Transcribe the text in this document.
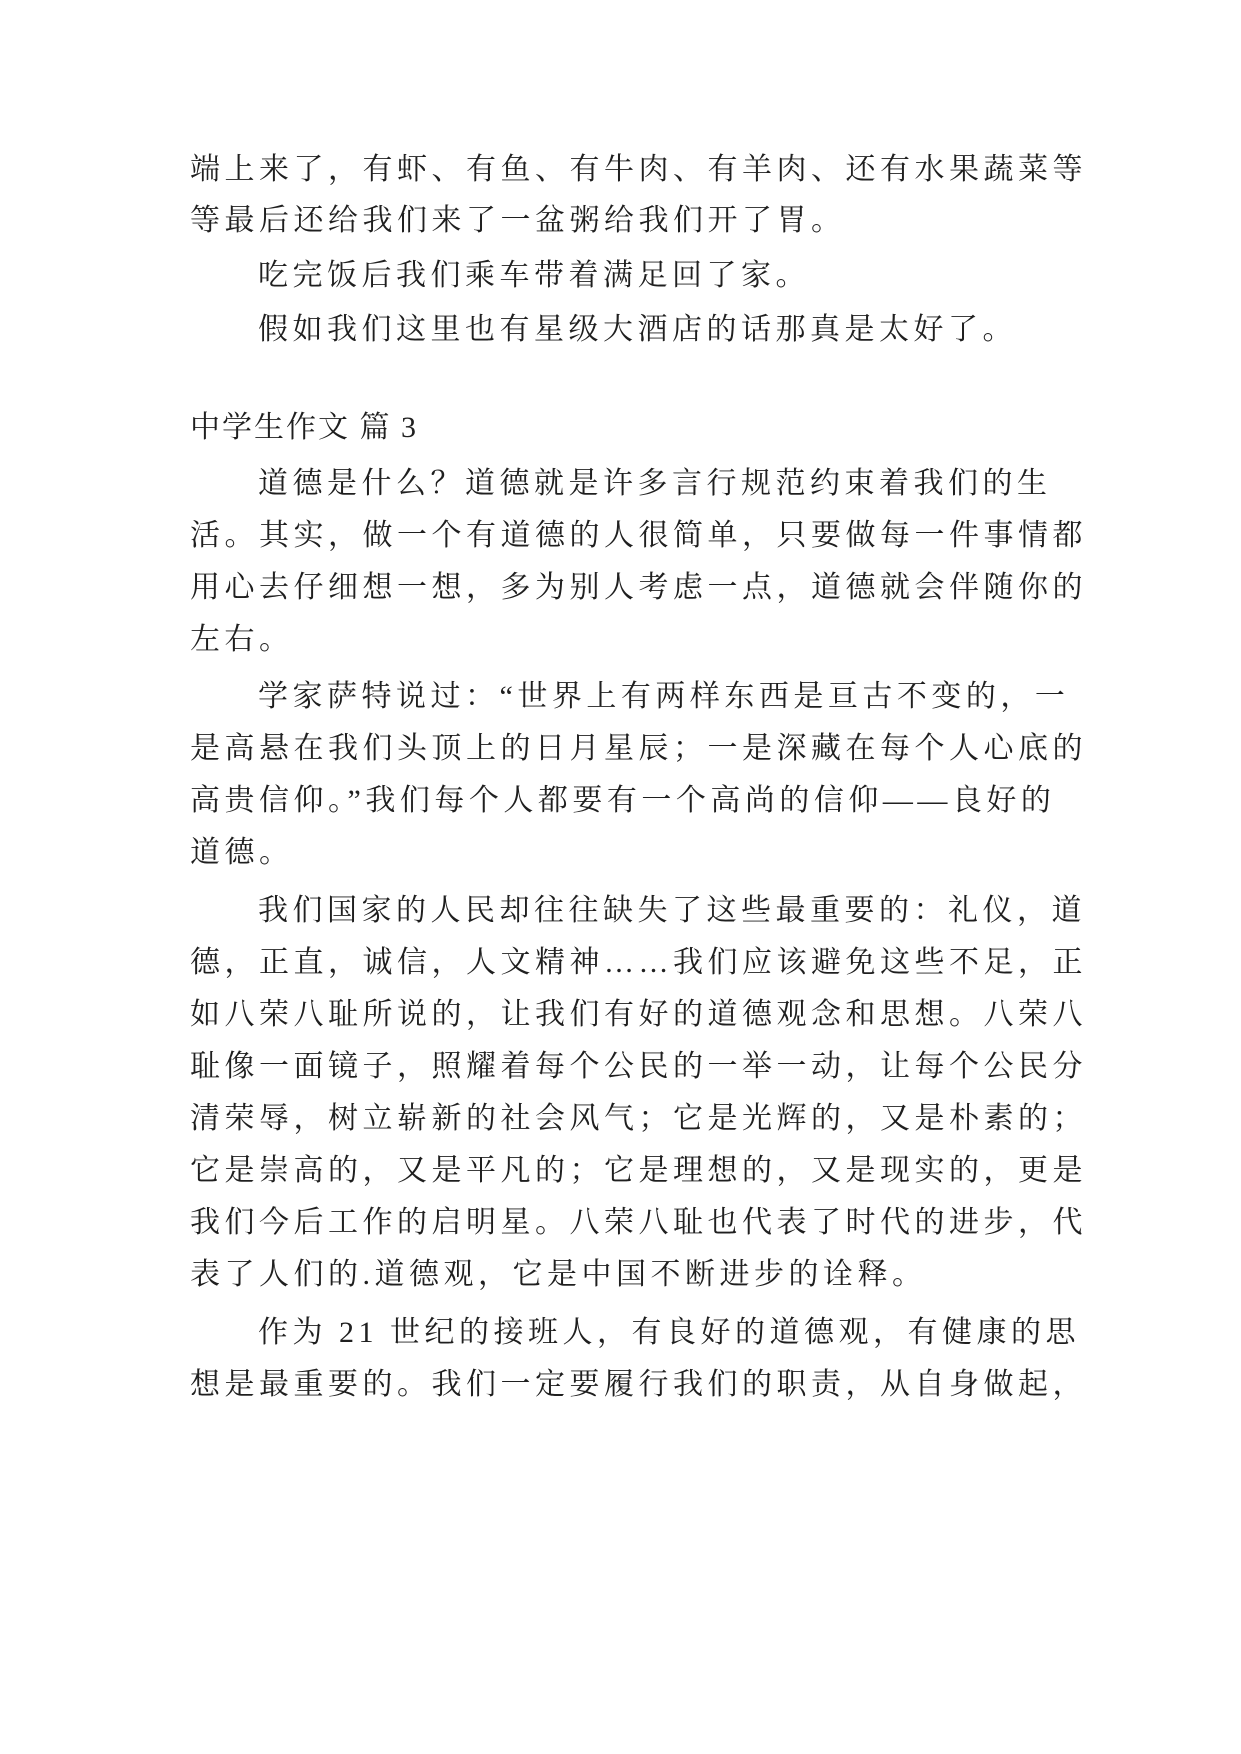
端上来了，有虾、有鱼、有牛肉、有羊肉、还有水果蔬菜等
等最后还给我们来了一盆粥给我们开了胃。
吃完饭后我们乘车带着满足回了家。
假如我们这里也有星级大酒店的话那真是太好了。
中学生作文 篇 3
道德是什么？道德就是许多言行规范约束着我们的生
活。其实，做一个有道德的人很简单，只要做每一件事情都
用心去仔细想一想，多为别人考虑一点，道德就会伴随你的
左右。
学家萨特说过：“世界上有两样东西是亘古不变的，一
是高悬在我们头顶上的日月星辰；一是深藏在每个人心底的
高贵信仰。”我们每个人都要有一个高尚的信仰——良好的
道德。
我们国家的人民却往往缺失了这些最重要的：礼仪，道
德，正直，诚信，人文精神……我们应该避免这些不足，正
如八荣八耻所说的，让我们有好的道德观念和思想。八荣八
耻像一面镜子，照耀着每个公民的一举一动，让每个公民分
清荣辱，树立崭新的社会风气；它是光辉的，又是朴素的；
它是崇高的，又是平凡的；它是理想的，又是现实的，更是
我们今后工作的启明星。八荣八耻也代表了时代的进步，代
表了人们的.道德观，它是中国不断进步的诠释。
作为 21 世纪的接班人，有良好的道德观，有健康的思
想是最重要的。我们一定要履行我们的职责，从自身做起，
